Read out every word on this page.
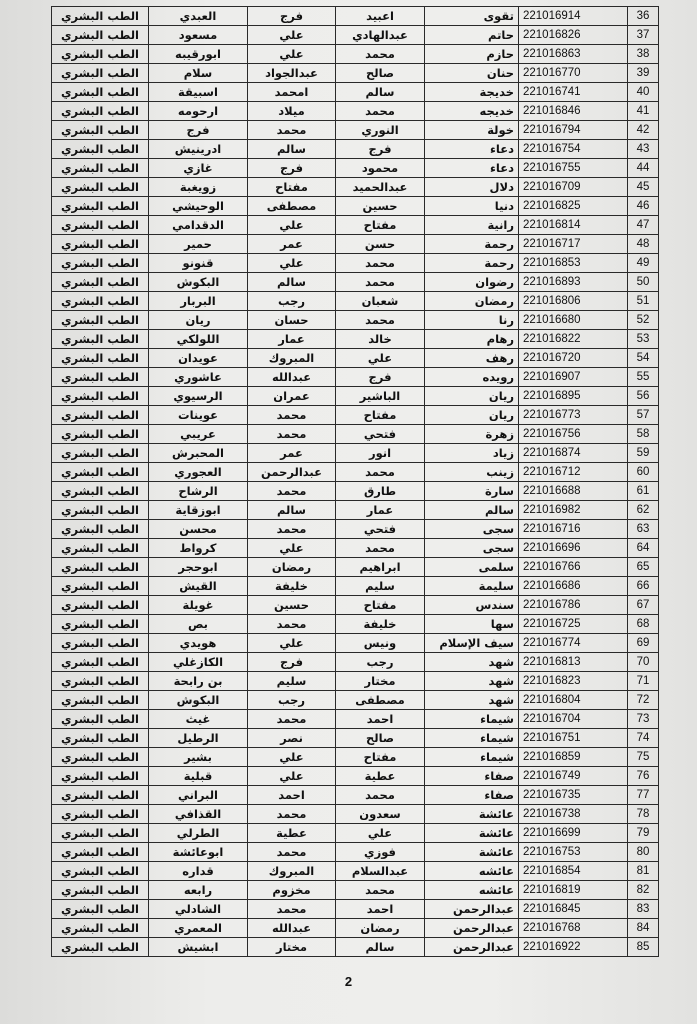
الطب البشري	العبدي	فرج	اعبيد	تقوى	221016914	36
الطب البشري	مسعود	علي	عبدالهادي	حاتم	221016826	37
الطب البشري	ابورقيبه	علي	محمد	حازم	221016863	38
الطب البشري	سلام	عبدالجواد	صالح	حنان	221016770	39
الطب البشري	اسبيقة	امحمد	سالم	خديجة	221016741	40
الطب البشري	ارحومه	ميلاد	محمد	خديجه	221016846	41
الطب البشري	فرج	محمد	النوري	خولة	221016794	42
الطب البشري	ادرينيش	سالم	فرج	دعاء	221016754	43
الطب البشري	غازي	فرج	محمود	دعاء	221016755	44
الطب البشري	زويغبة	مفتاح	عبدالحميد	دلال	221016709	45
الطب البشري	الوحيشي	مصطفى	حسين	دنيا	221016825	46
الطب البشري	الدقدامي	علي	مفتاح	رانية	221016814	47
الطب البشري	حمير	عمر	حسن	رحمة	221016717	48
الطب البشري	قنونو	علي	محمد	رحمة	221016853	49
الطب البشري	البكوش	سالم	محمد	رضوان	221016893	50
الطب البشري	البربار	رجب	شعبان	رمضان	221016806	51
الطب البشري	ريان	حسان	محمد	رنا	221016680	52
الطب البشري	اللولكي	عمار	خالد	رهام	221016822	53
الطب البشري	عويدان	المبروك	علي	رهف	221016720	54
الطب البشري	عاشوري	عبدالله	فرج	رويده	221016907	55
الطب البشري	الرسيوي	عمران	الباشير	ريان	221016895	56
الطب البشري	عوينات	محمد	مفتاح	ريان	221016773	57
الطب البشري	عريبي	محمد	فتحي	زهرة	221016756	58
الطب البشري	المحبرش	عمر	انور	زياد	221016874	59
الطب البشري	العجوري	عبدالرحمن	محمد	زينب	221016712	60
الطب البشري	الرشاح	محمد	طارق	سارة	221016688	61
الطب البشري	ابوزقاية	سالم	عمار	سالم	221016982	62
الطب البشري	محسن	محمد	فتحي	سجى	221016716	63
الطب البشري	كرواط	علي	محمد	سجى	221016696	64
الطب البشري	ابوحجر	رمضان	ابراهيم	سلمى	221016766	65
الطب البشري	القيش	خليفة	سليم	سليمة	221016686	66
الطب البشري	غويلة	حسين	مفتاح	سندس	221016786	67
الطب البشري	بص	محمد	خليفة	سها	221016725	68
الطب البشري	هويدي	علي	ونيس	سيف الإسلام	221016774	69
الطب البشري	الكازغلي	فرج	رجب	شهد	221016813	70
الطب البشري	بن رابحة	سليم	مختار	شهد	221016823	71
الطب البشري	البكوش	رجب	مصطفى	شهد	221016804	72
الطب البشري	غيث	محمد	احمد	شيماء	221016704	73
الطب البشري	الرطيل	نصر	صالح	شيماء	221016751	74
الطب البشري	بشير	علي	مفتاح	شيماء	221016859	75
الطب البشري	قبلية	علي	عطية	صفاء	221016749	76
الطب البشري	البراني	احمد	محمد	صفاء	221016735	77
الطب البشري	القذافي	محمد	سعدون	عائشة	221016738	78
الطب البشري	الطرلي	عطية	علي	عائشة	221016699	79
الطب البشري	ابوعائشة	محمد	فوزي	عائشة	221016753	80
الطب البشري	قداره	المبروك	عبدالسلام	عائشه	221016854	81
الطب البشري	رابعه	مخزوم	محمد	عائشه	221016819	82
الطب البشري	الشادلي	محمد	احمد	عبدالرحمن	221016845	83
الطب البشري	المعمري	عبدالله	رمضان	عبدالرحمن	221016768	84
الطب البشري	ابشيش	مختار	سالم	عبدالرحمن	221016922	85
2
